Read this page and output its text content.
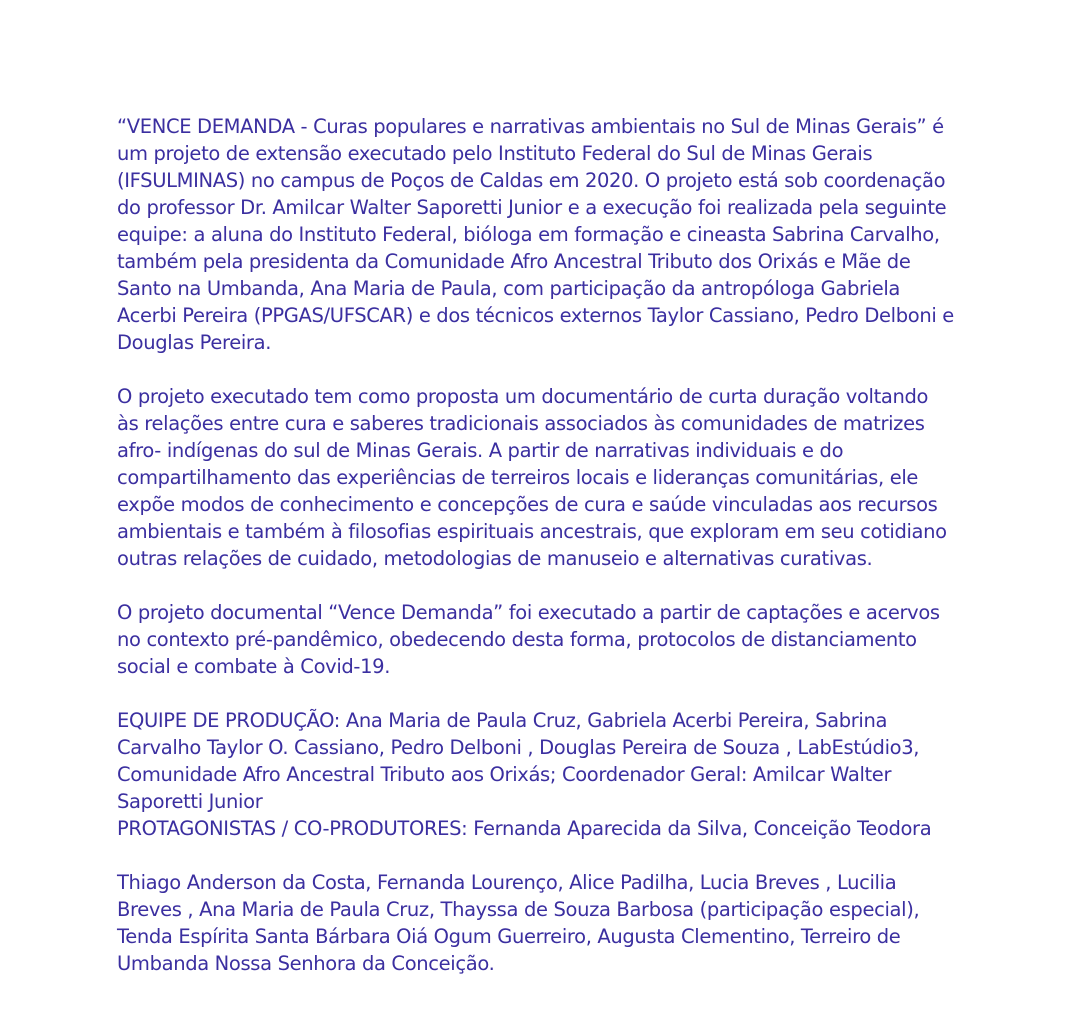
“VENCE DEMANDA - Curas populares e narrativas ambientais no Sul de Minas Gerais” é
um projeto de extensão executado pelo Instituto Federal do Sul de Minas Gerais
(IFSULMINAS) no campus de Poços de Caldas em 2020. O projeto está sob coordenação
do professor Dr. Amilcar Walter Saporetti Junior e a execução foi realizada pela seguinte
equipe: a aluna do Instituto Federal, bióloga em formação e cineasta Sabrina Carvalho,
também pela presidenta da Comunidade Afro Ancestral Tributo dos Orixás e Mãe de
Santo na Umbanda, Ana Maria de Paula, com participação da antropóloga Gabriela
Acerbi Pereira (PPGAS/UFSCAR) e dos técnicos externos Taylor Cassiano, Pedro Delboni e
Douglas Pereira.

O projeto executado tem como proposta um documentário de curta duração voltando
às relações entre cura e saberes tradicionais associados às comunidades de matrizes
afro- indígenas do sul de Minas Gerais. A partir de narrativas individuais e do
compartilhamento das experiências de terreiros locais e lideranças comunitárias, ele
expõe modos de conhecimento e concepções de cura e saúde vinculadas aos recursos
ambientais e também à filosofias espirituais ancestrais, que exploram em seu cotidiano
outras relações de cuidado, metodologias de manuseio e alternativas curativas.

O projeto documental “Vence Demanda” foi executado a partir de captações e acervos
no contexto pré-pandêmico, obedecendo desta forma, protocolos de distanciamento
social e combate à Covid-19.

EQUIPE DE PRODUÇÃO: Ana Maria de Paula Cruz, Gabriela Acerbi Pereira, Sabrina
Carvalho Taylor O. Cassiano, Pedro Delboni , Douglas Pereira de Souza , LabEstúdio3,
Comunidade Afro Ancestral Tributo aos Orixás; Coordenador Geral: Amilcar Walter
Saporetti Junior
PROTAGONISTAS / CO-PRODUTORES: Fernanda Aparecida da Silva, Conceição Teodora

Thiago Anderson da Costa, Fernanda Lourenço, Alice Padilha, Lucia Breves , Lucilia
Breves , Ana Maria de Paula Cruz, Thayssa de Souza Barbosa (participação especial),
Tenda Espírita Santa Bárbara Oiá Ogum Guerreiro, Augusta Clementino, Terreiro de
Umbanda Nossa Senhora da Conceição.
